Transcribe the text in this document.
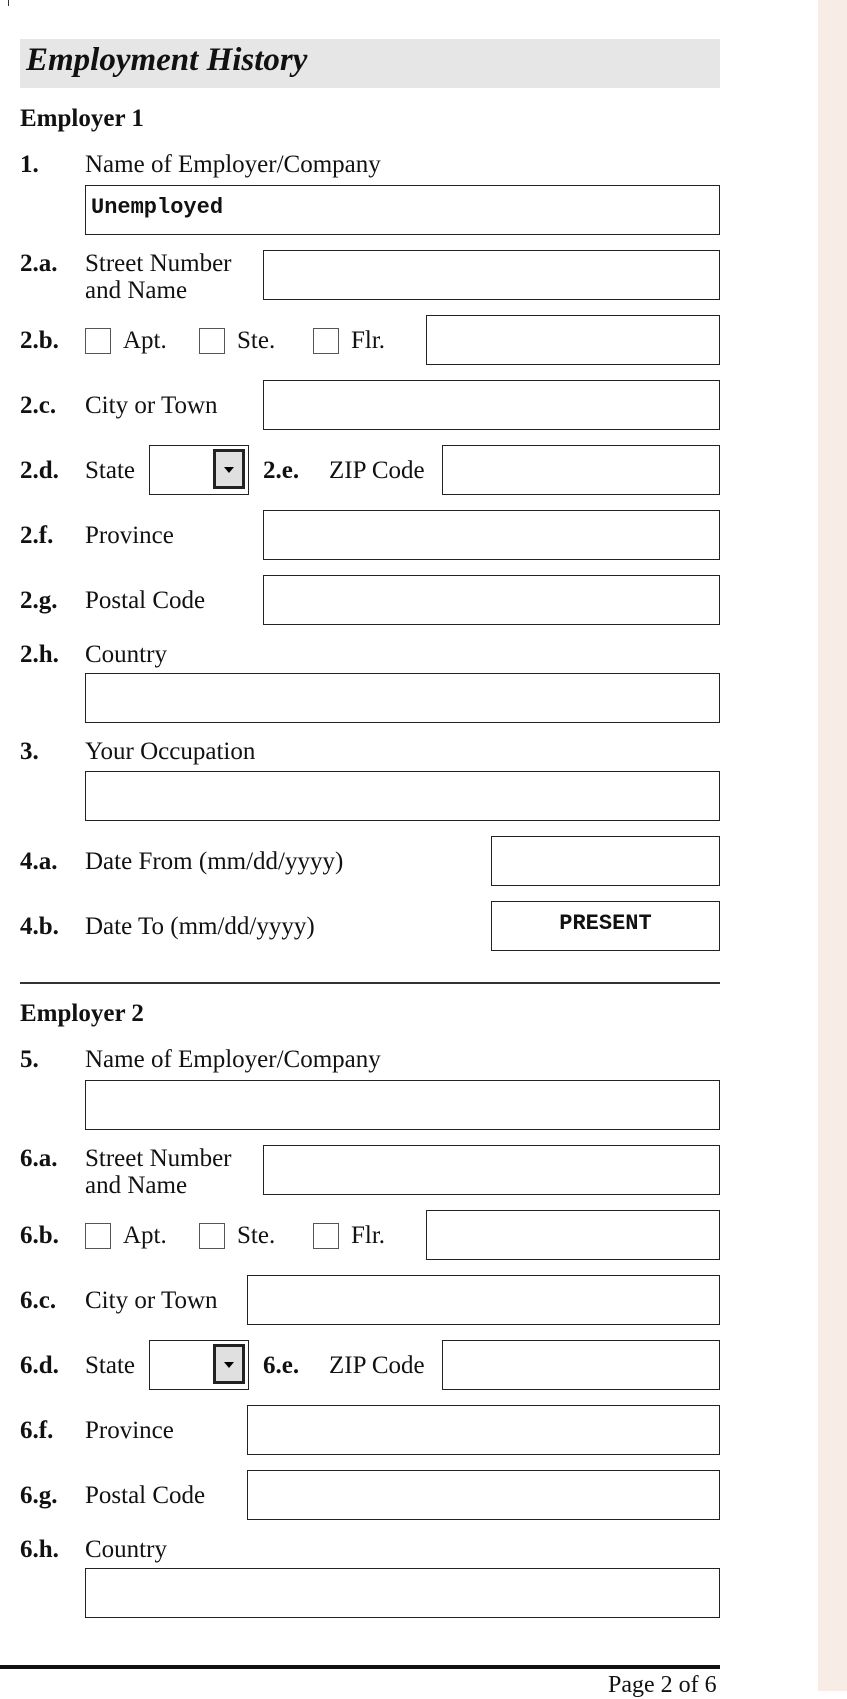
Employment History
Employer 1
1. Name of Employer/Company
Unemployed
2.a. Street Number
and Name
2.b.	Apt.	Ste.	Flr.
2.c. City or Town
2.d. State	2.e. ZIP Code
2.f. Province
2.g. Postal Code
2.h. Country
3. Your Occupation
4.a. Date From (mm/dd/yyyy)
4.b. Date To (mm/dd/yyyy)	PRESENT
Employer 2
5. Name of Employer/Company
6.a. Street Number
and Name
6.b.	Apt.	Ste.	Flr.
6.c. City or Town
6.d. State	6.e. ZIP Code
6.f. Province
6.g. Postal Code
6.h. Country
Page 2 of 6
